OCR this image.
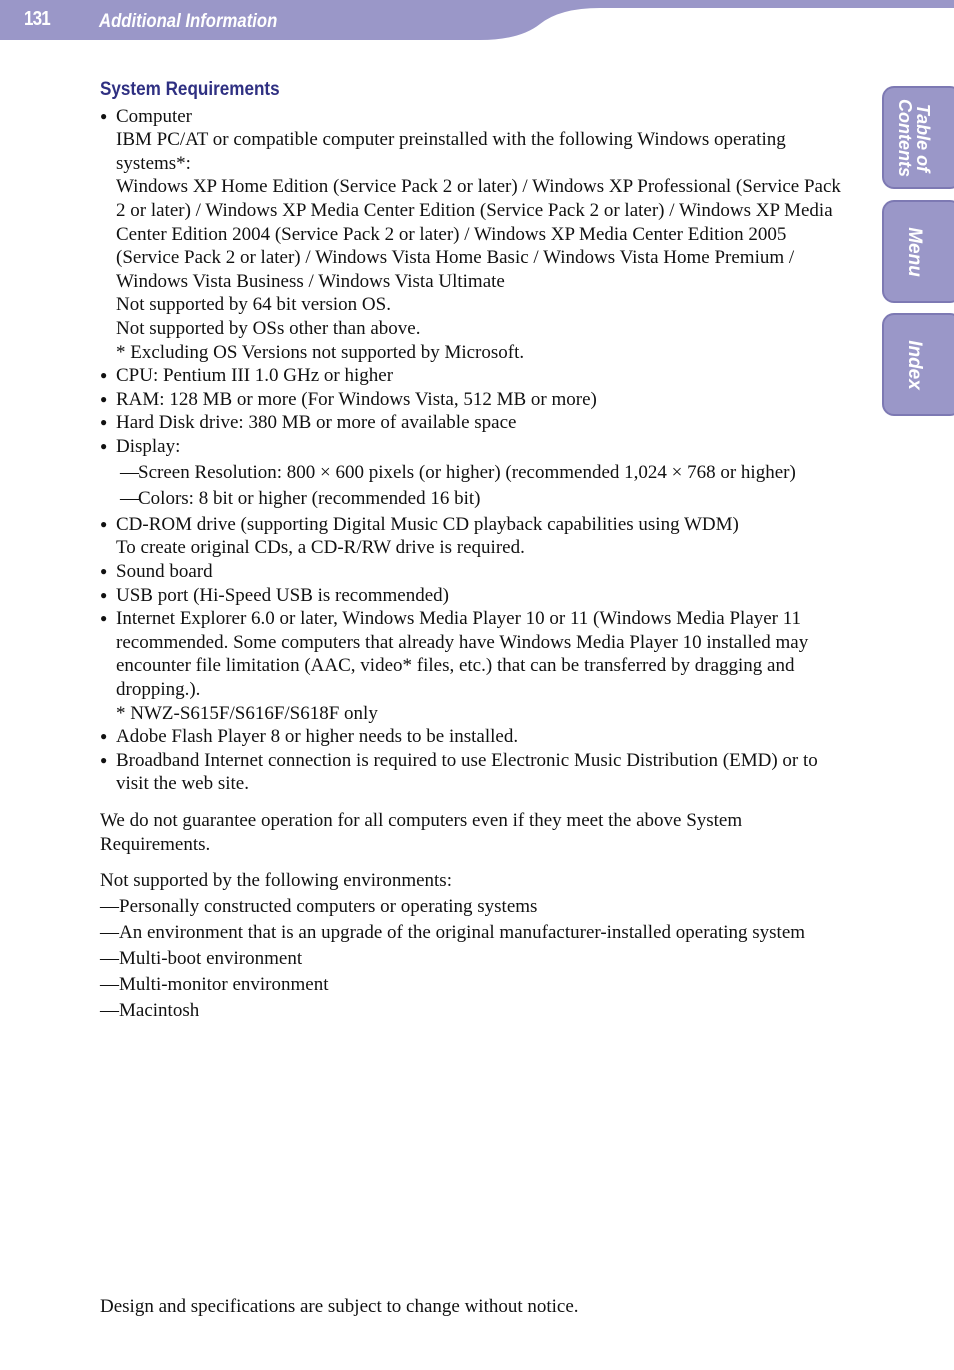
131	Additional Information
Table of
Contents
Menu
Index
System Requirements
● Computer
IBM PC/AT or compatible computer preinstalled with the following Windows operating systems*:
Windows XP Home Edition (Service Pack 2 or later) / Windows XP Professional (Service Pack 2 or later) / Windows XP Media Center Edition (Service Pack 2 or later) / Windows XP Media Center Edition 2004 (Service Pack 2 or later) / Windows XP Media Center Edition 2005 (Service Pack 2 or later) / Windows Vista Home Basic / Windows Vista Home Premium / Windows Vista Business / Windows Vista Ultimate
Not supported by 64 bit version OS.
Not supported by OSs other than above.
* Excluding OS Versions not supported by Microsoft.
● CPU: Pentium III 1.0 GHz or higher
● RAM: 128 MB or more (For Windows Vista, 512 MB or more)
● Hard Disk drive: 380 MB or more of available space
● Display:
— Screen Resolution: 800 × 600 pixels (or higher) (recommended 1,024 × 768 or higher)
— Colors: 8 bit or higher (recommended 16 bit)
● CD-ROM drive (supporting Digital Music CD playback capabilities using WDM)
To create original CDs, a CD-R/RW drive is required.
● Sound board
● USB port (Hi-Speed USB is recommended)
● Internet Explorer 6.0 or later, Windows Media Player 10 or 11 (Windows Media Player 11 recommended. Some computers that already have Windows Media Player 10 installed may encounter file limitation (AAC, video* files, etc.) that can be transferred by dragging and dropping.).
* NWZ-S615F/S616F/S618F only
● Adobe Flash Player 8 or higher needs to be installed.
● Broadband Internet connection is required to use Electronic Music Distribution (EMD) or to visit the web site.
We do not guarantee operation for all computers even if they meet the above System Requirements.
Not supported by the following environments:
— Personally constructed computers or operating systems
— An environment that is an upgrade of the original manufacturer-installed operating system
— Multi-boot environment
— Multi-monitor environment
— Macintosh
Design and specifications are subject to change without notice.
